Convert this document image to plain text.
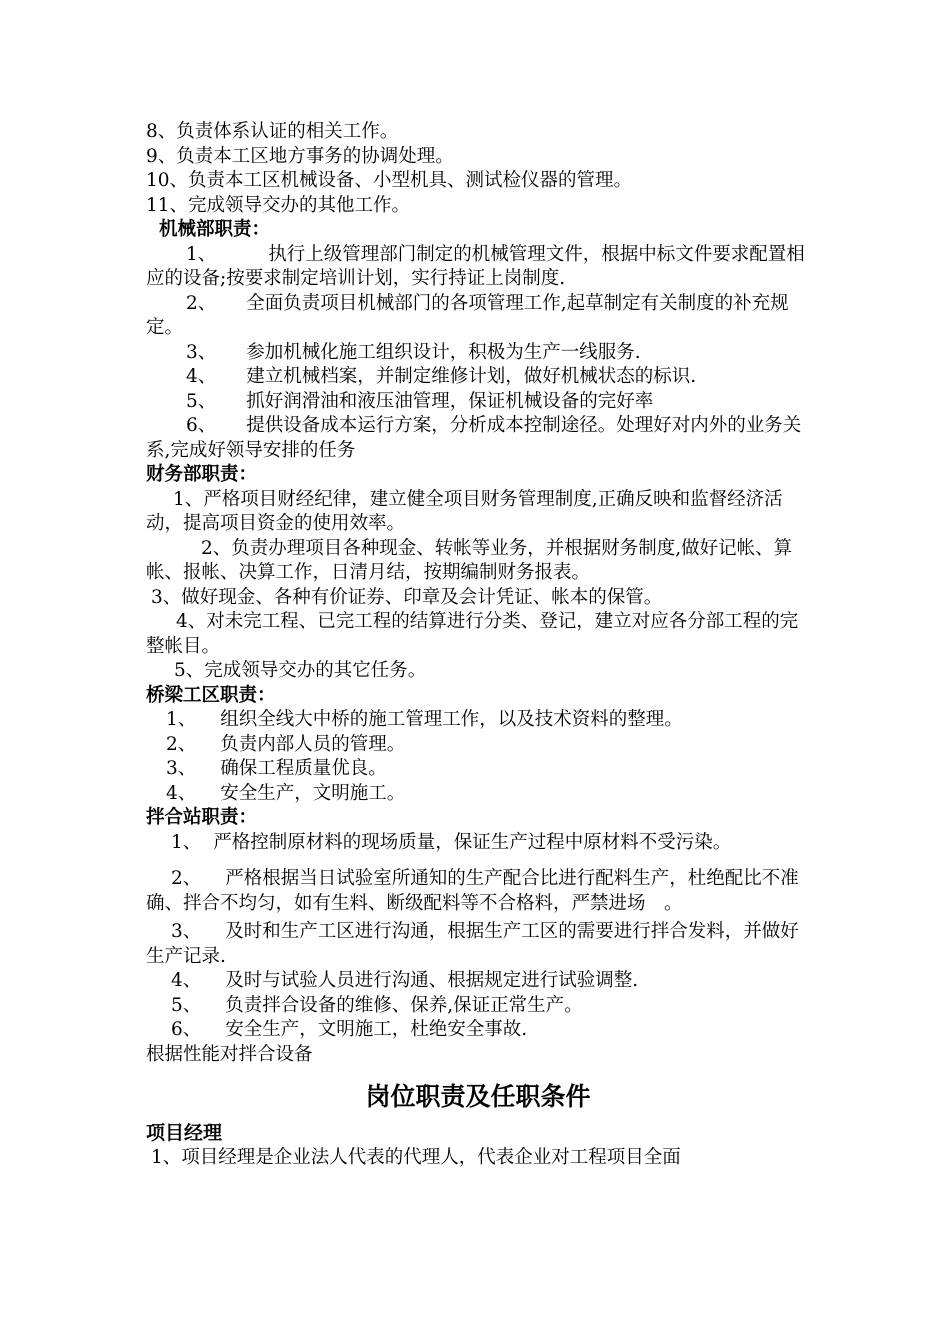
8、负责体系认证的相关工作。
9、负责本工区地方事务的协调处理。
10、负责本工区机械设备、小型机具、测试检仪器的管理。
11、完成领导交办的其他工作。
机械部职责：
1、	执行上级管理部门制定的机械管理文件，根据中标文件要求配置相应的设备;按要求制定培训计划，实行持证上岗制度.
2、 全面负责项目机械部门的各项管理工作,起草制定有关制度的补充规定。
3、 参加机械化施工组织设计，积极为生产一线服务.
4、 建立机械档案，并制定维修计划，做好机械状态的标识.
5、 抓好润滑油和液压油管理，保证机械设备的完好率
6、 提供设备成本运行方案，分析成本控制途径。处理好对内外的业务关系,完成好领导安排的任务
财务部职责：
1、严格项目财经纪律，建立健全项目财务管理制度,正确反映和监督经济活动，提高项目资金的使用效率。
2、负责办理项目各种现金、转帐等业务，并根据财务制度,做好记帐、算帐、报帐、决算工作，日清月结，按期编制财务报表。
3、做好现金、各种有价证券、印章及会计凭证、帐本的保管。
4、对未完工程、已完工程的结算进行分类、登记，建立对应各分部工程的完整帐目。
5、完成领导交办的其它任务。
桥梁工区职责：
1、 组织全线大中桥的施工管理工作，以及技术资料的整理。
2、 负责内部人员的管理。
3、 确保工程质量优良。
4、 安全生产，文明施工。
拌合站职责：
1、 严格控制原材料的现场质量，保证生产过程中原材料不受污染。
2、 严格根据当日试验室所通知的生产配合比进行配料生产，杜绝配比不准确、拌合不均匀，如有生料、断级配料等不合格料，严禁进场　。
3、 及时和生产工区进行沟通，根据生产工区的需要进行拌合发料，并做好生产记录.
4、 及时与试验人员进行沟通、根据规定进行试验调整.
5、 负责拌合设备的维修、保养,保证正常生产。
6、 安全生产，文明施工，杜绝安全事故.
根据性能对拌合设备
岗位职责及任职条件
项目经理
1、项目经理是企业法人代表的代理人，代表企业对工程项目全面
